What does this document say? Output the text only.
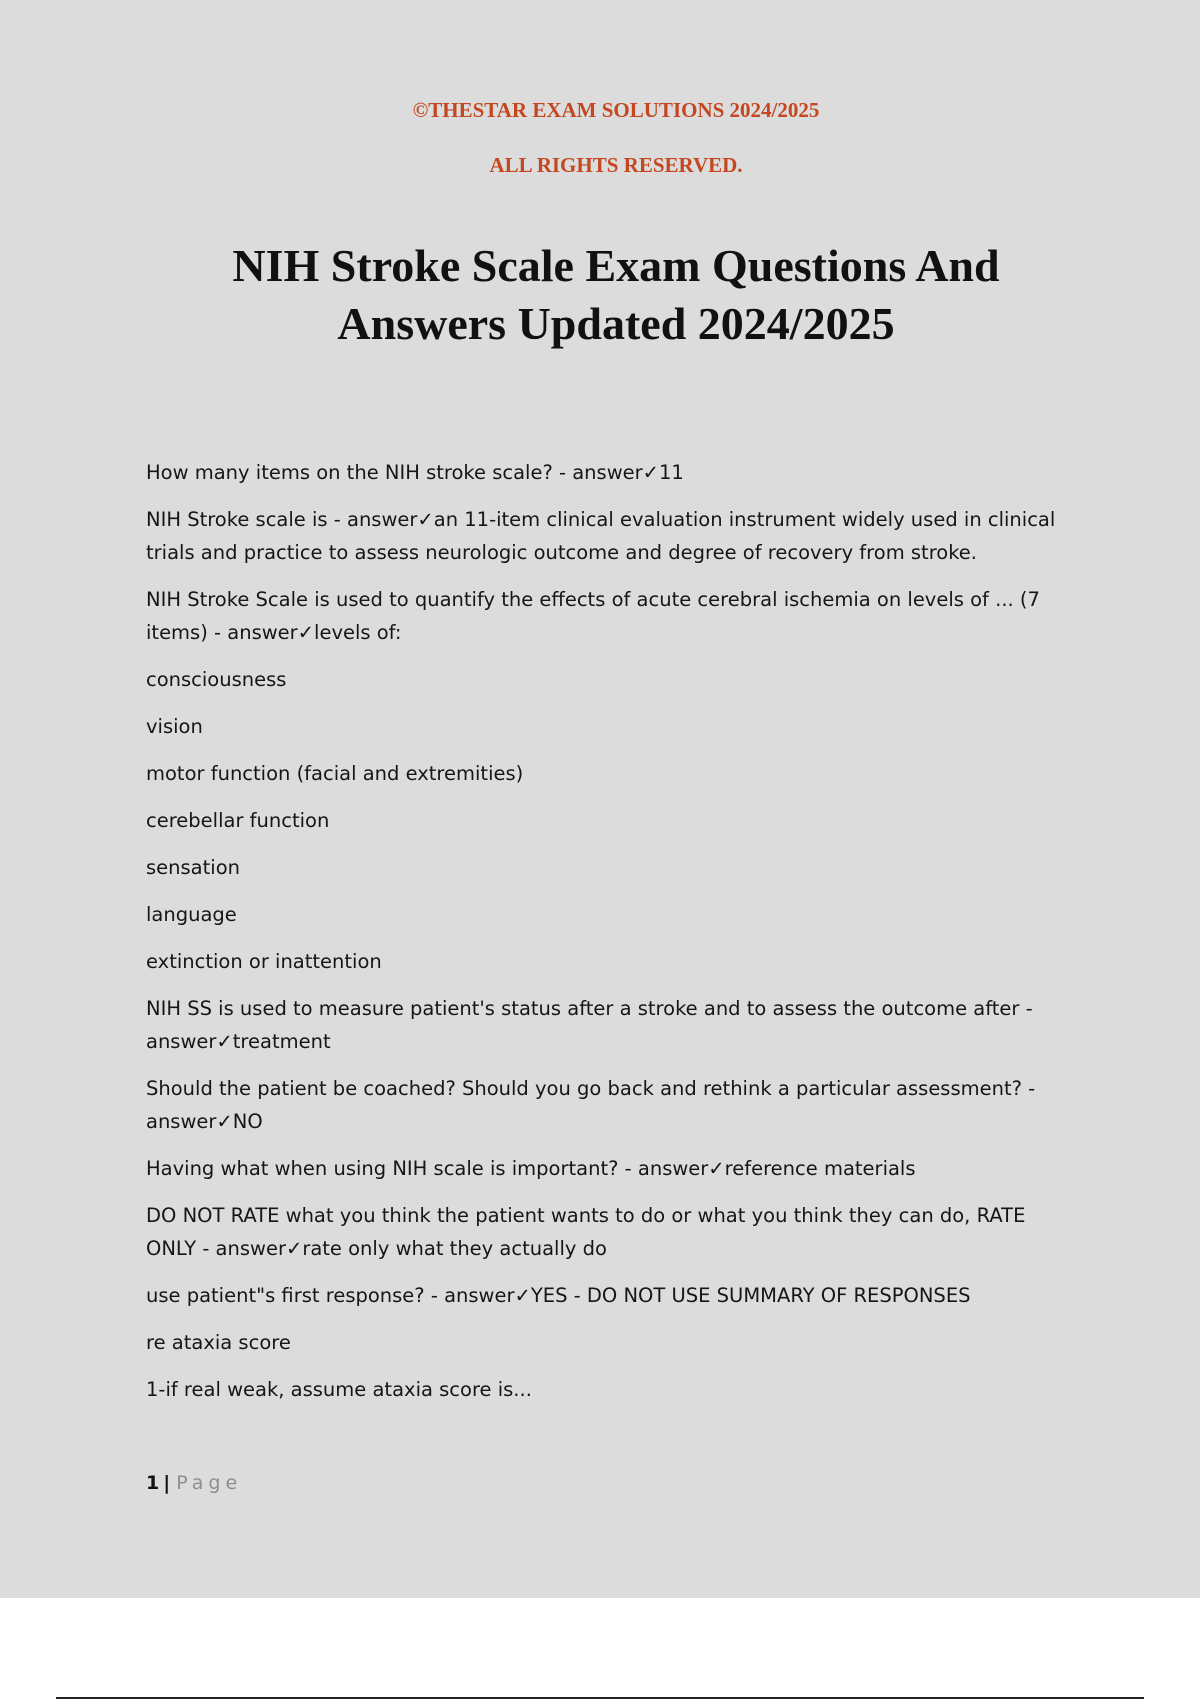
©THESTAR EXAM SOLUTIONS 2024/2025

ALL RIGHTS RESERVED.

NIH Stroke Scale Exam Questions And
Answers Updated 2024/2025

How many items on the NIH stroke scale? - answer✓11

NIH Stroke scale is - answer✓an 11-item clinical evaluation instrument widely used in clinical trials and practice to assess neurologic outcome and degree of recovery from stroke.

NIH Stroke Scale is used to quantify the effects of acute cerebral ischemia on levels of ... (7 items) - answer✓levels of:

consciousness

vision

motor function (facial and extremities)

cerebellar function

sensation

language

extinction or inattention

NIH SS is used to measure patient's status after a stroke and to assess the outcome after - answer✓treatment

Should the patient be coached? Should you go back and rethink a particular assessment? - answer✓NO

Having what when using NIH scale is important? - answer✓reference materials

DO NOT RATE what you think the patient wants to do or what you think they can do, RATE ONLY - answer✓rate only what they actually do

use patient"s first response? - answer✓YES - DO NOT USE SUMMARY OF RESPONSES

re ataxia score

1-if real weak, assume ataxia score is...

1 | Page
